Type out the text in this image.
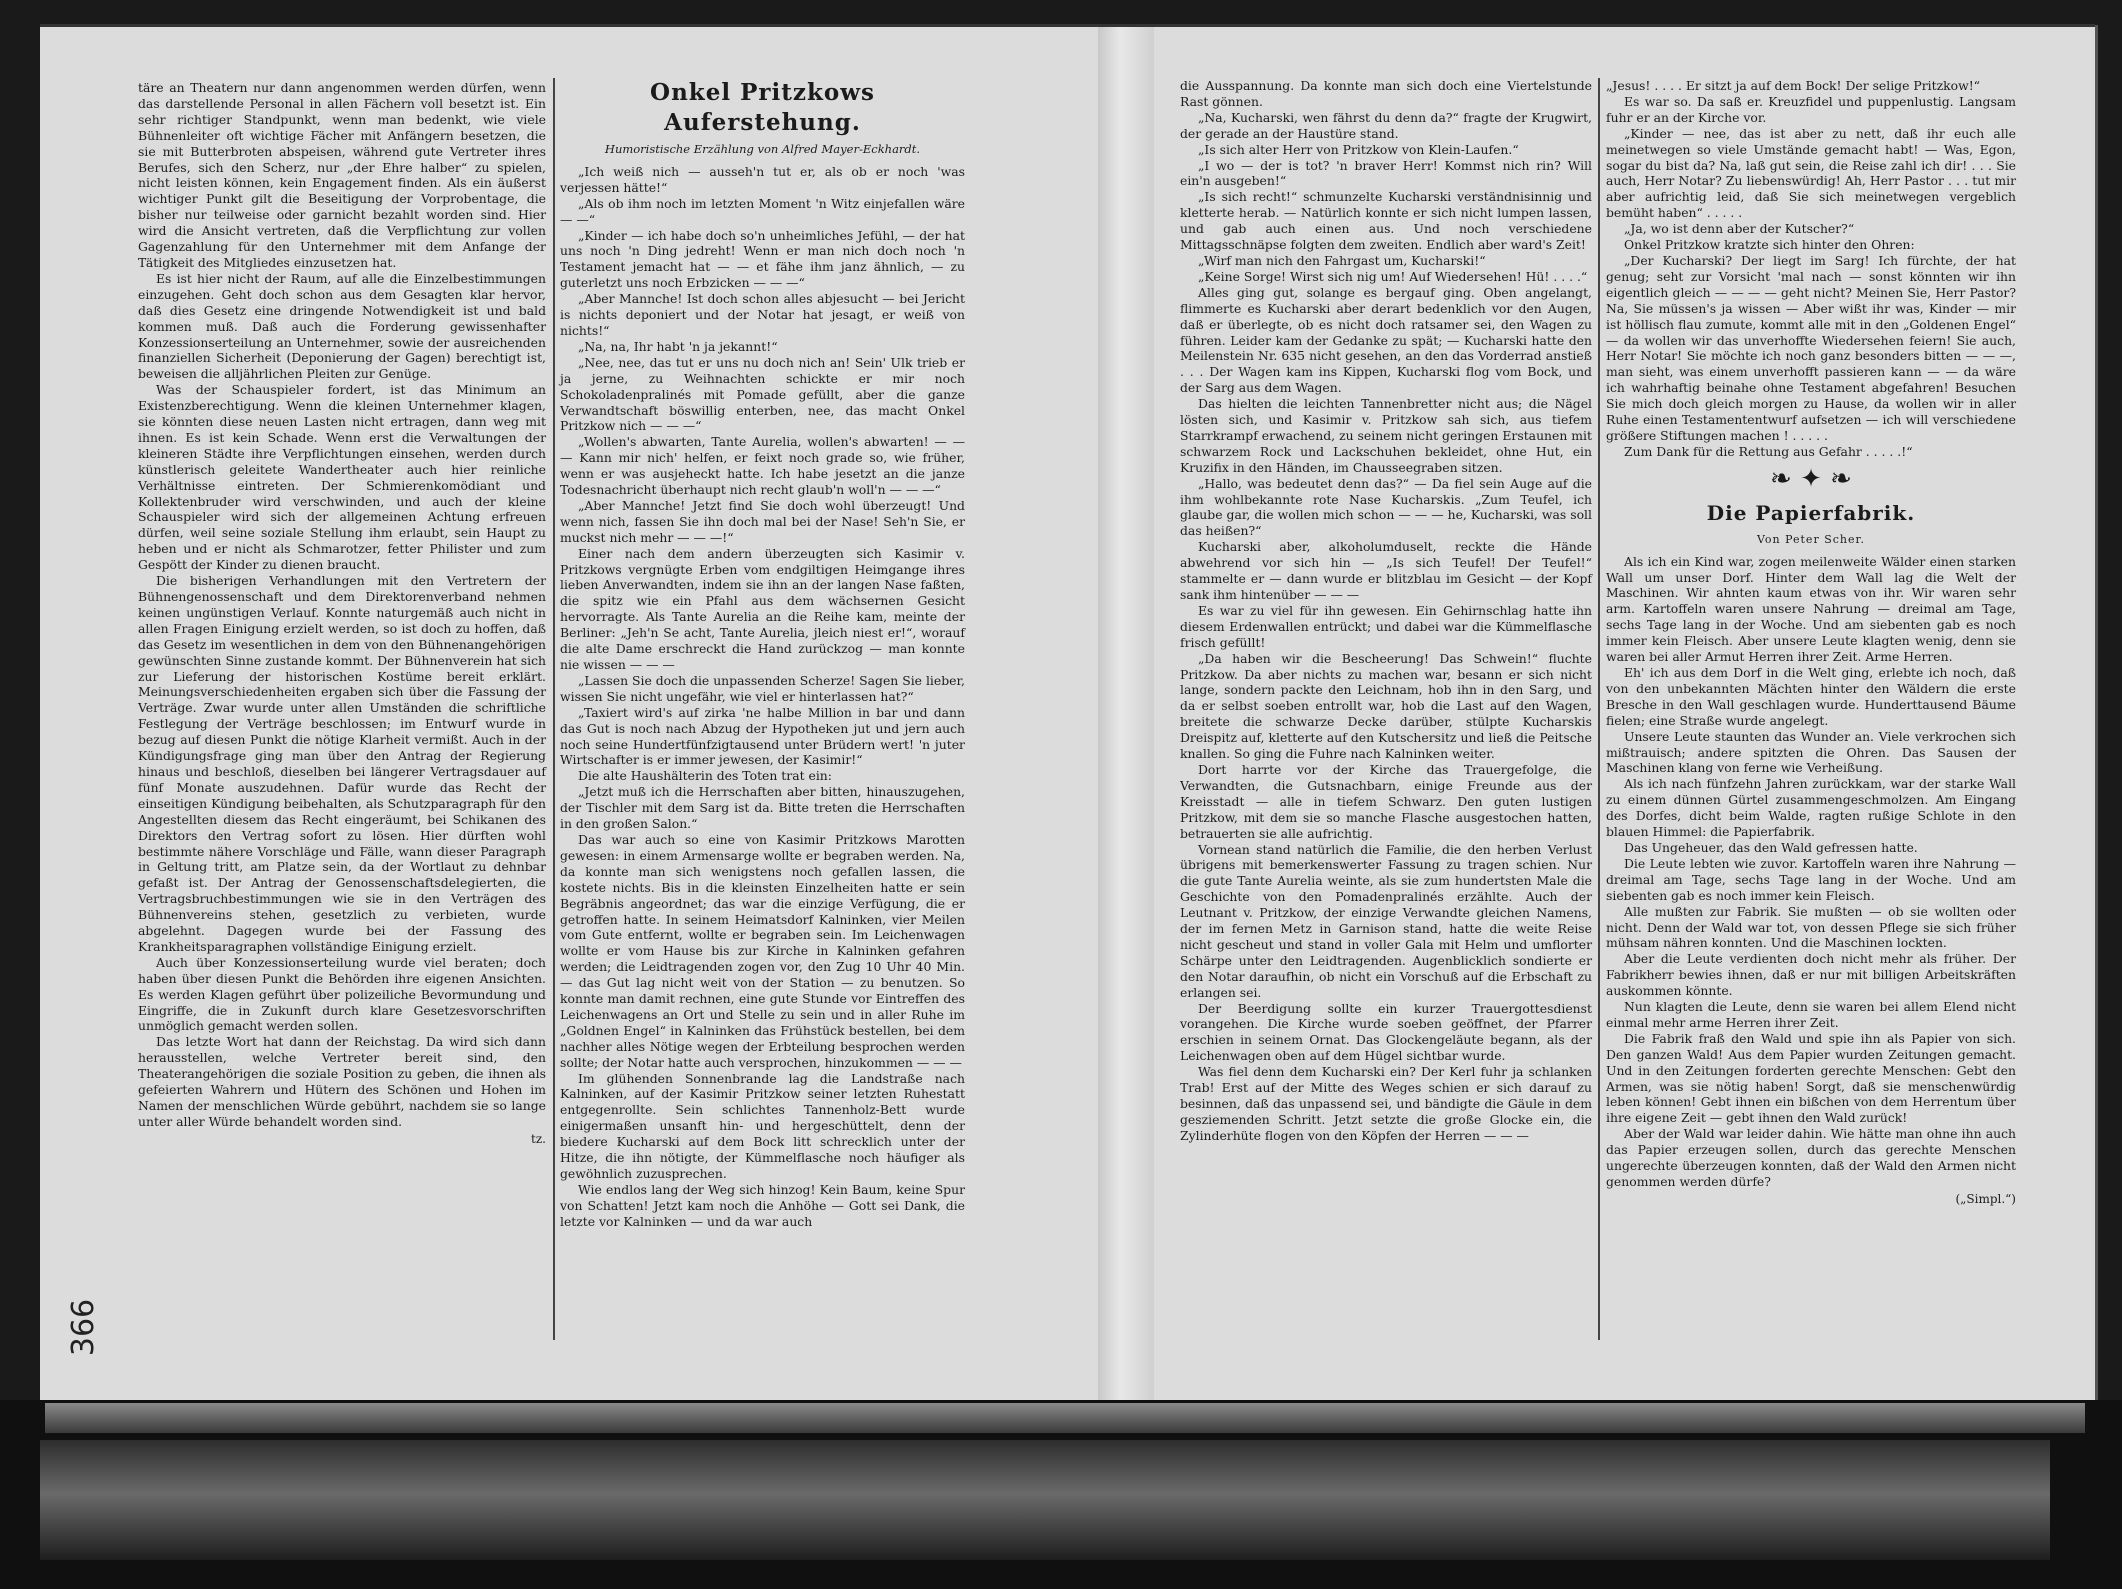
täre an Theatern nur dann angenommen werden dürfen, wenn das darstellende Personal in allen Fächern voll besetzt ist. Ein sehr richtiger Standpunkt, wenn man bedenkt, wie viele Bühnenleiter oft wichtige Fächer mit Anfängern besetzen, die sie mit Butterbroten abspeisen, während gute Vertreter ihres Berufes, sich den Scherz, nur „der Ehre halber“ zu spielen, nicht leisten können, kein Engagement finden. Als ein äußerst wichtiger Punkt gilt die Beseitigung der Vorprobentage, die bisher nur teilweise oder garnicht bezahlt worden sind. Hier wird die Ansicht vertreten, daß die Verpflichtung zur vollen Gagenzahlung für den Unternehmer mit dem Anfange der Tätigkeit des Mitgliedes einzusetzen hat.

Es ist hier nicht der Raum, auf alle die Einzelbestimmungen einzugehen. Geht doch schon aus dem Gesagten klar hervor, daß dies Gesetz eine dringende Notwendigkeit ist und bald kommen muß. Daß auch die Forderung gewissenhafter Konzessionserteilung an Unternehmer, sowie der ausreichenden finanziellen Sicherheit (Deponierung der Gagen) berechtigt ist, beweisen die alljährlichen Pleiten zur Genüge.

Was der Schauspieler fordert, ist das Minimum an Existenzberechtigung. Wenn die kleinen Unternehmer klagen, sie könnten diese neuen Lasten nicht ertragen, dann weg mit ihnen. Es ist kein Schade. Wenn erst die Verwaltungen der kleineren Städte ihre Verpflichtungen einsehen, werden durch künstlerisch geleitete Wandertheater auch hier reinliche Verhältnisse eintreten. Der Schmierenkomödiant und Kollektenbruder wird verschwinden, und auch der kleine Schauspieler wird sich der allgemeinen Achtung erfreuen dürfen, weil seine soziale Stellung ihm erlaubt, sein Haupt zu heben und er nicht als Schmarotzer, fetter Philister und zum Gespött der Kinder zu dienen braucht.

Die bisherigen Verhandlungen mit den Vertretern der Bühnengenossenschaft und dem Direktorenverband nehmen keinen ungünstigen Verlauf. Konnte naturgemäß auch nicht in allen Fragen Einigung erzielt werden, so ist doch zu hoffen, daß das Gesetz im wesentlichen in dem von den Bühnenangehörigen gewünschten Sinne zustande kommt. Der Bühnenverein hat sich zur Lieferung der historischen Kostüme bereit erklärt. Meinungsverschiedenheiten ergaben sich über die Fassung der Verträge. Zwar wurde unter allen Umständen die schriftliche Festlegung der Verträge beschlossen; im Entwurf wurde in bezug auf diesen Punkt die nötige Klarheit vermißt. Auch in der Kündigungsfrage ging man über den Antrag der Regierung hinaus und beschloß, dieselben bei längerer Vertragsdauer auf fünf Monate auszudehnen. Dafür wurde das Recht der einseitigen Kündigung beibehalten, als Schutzparagraph für den Angestellten diesem das Recht eingeräumt, bei Schikanen des Direktors den Vertrag sofort zu lösen. Hier dürften wohl bestimmte nähere Vorschläge und Fälle, wann dieser Paragraph in Geltung tritt, am Platze sein, da der Wortlaut zu dehnbar gefaßt ist. Der Antrag der Genossenschaftsdelegierten, die Vertragsbruchbestimmungen wie sie in den Verträgen des Bühnenvereins stehen, gesetzlich zu verbieten, wurde abgelehnt. Dagegen wurde bei der Fassung des Krankheitsparagraphen vollständige Einigung erzielt.

Auch über Konzessionserteilung wurde viel beraten; doch haben über diesen Punkt die Behörden ihre eigenen Ansichten. Es werden Klagen geführt über polizeiliche Bevormundung und Eingriffe, die in Zukunft durch klare Gesetzesvorschriften unmöglich gemacht werden sollen.

Das letzte Wort hat dann der Reichstag. Da wird sich dann herausstellen, welche Vertreter bereit sind, den Theaterangehörigen die soziale Position zu geben, die ihnen als gefeierten Wahrern und Hütern des Schönen und Hohen im Namen der menschlichen Würde gebührt, nachdem sie so lange unter aller Würde behandelt worden sind.

tz.
Onkel Pritzkows Auferstehung.
Humoristische Erzählung von Alfred Mayer-Eckhardt.

„Ich weiß nich — ausseh'n tut er, als ob er noch 'was verjessen hätte!“

„Als ob ihm noch im letzten Moment 'n Witz einjefallen wäre — —“

„Kinder — ich habe doch so'n unheimliches Jefühl, — der hat uns noch 'n Ding jedreht! Wenn er man nich doch noch 'n Testament jemacht hat — — et fähe ihm janz ähnlich, — zu guterletzt uns noch Erbzicken — — —“

„Aber Mannche! Ist doch schon alles abjesucht — bei Jericht is nichts deponiert und der Notar hat jesagt, er weiß von nichts!“

„Na, na, Ihr habt 'n ja jekannt!“

„Nee, nee, das tut er uns nu doch nich an! Sein' Ulk trieb er ja jerne, zu Weihnachten schickte er mir noch Schokoladenpralinés mit Pomade gefüllt, aber die ganze Verwandtschaft böswillig enterben, nee, das macht Onkel Pritzkow nich — — —“

„Wollen's abwarten, Tante Aurelia, wollen's abwarten! — — — Kann mir nich' helfen, er feixt noch grade so, wie früher, wenn er was ausjeheckt hatte. Ich habe jesetzt an die janze Todesnachricht überhaupt nich recht glaub'n woll'n — — —“

„Aber Mannche! Jetzt find Sie doch wohl überzeugt! Und wenn nich, fassen Sie ihn doch mal bei der Nase! Seh'n Sie, er muckst nich mehr — — —!“

Einer nach dem andern überzeugten sich Kasimir v. Pritzkows vergnügte Erben vom endgiltigen Heimgange ihres lieben Anverwandten, indem sie ihn an der langen Nase faßten, die spitz wie ein Pfahl aus dem wächsernen Gesicht hervorragte. Als Tante Aurelia an die Reihe kam, meinte der Berliner: „Jeh'n Se acht, Tante Aurelia, jleich niest er!“, worauf die alte Dame erschreckt die Hand zurückzog — man konnte nie wissen — — —

„Lassen Sie doch die unpassenden Scherze! Sagen Sie lieber, wissen Sie nicht ungefähr, wie viel er hinterlassen hat?“

„Taxiert wird's auf zirka 'ne halbe Million in bar und dann das Gut is noch nach Abzug der Hypotheken jut und jern auch noch seine Hundertfünfzigtausend unter Brüdern wert! 'n juter Wirtschafter is er immer jewesen, der Kasimir!“

Die alte Haushälterin des Toten trat ein:

„Jetzt muß ich die Herrschaften aber bitten, hinauszugehen, der Tischler mit dem Sarg ist da. Bitte treten die Herrschaften in den großen Salon.“

Das war auch so eine von Kasimir Pritzkows Marotten gewesen: in einem Armensarge wollte er begraben werden. Na, da konnte man sich wenigstens noch gefallen lassen, die kostete nichts. Bis in die kleinsten Einzelheiten hatte er sein Begräbnis angeordnet; das war die einzige Verfügung, die er getroffen hatte. In seinem Heimatsdorf Kalninken, vier Meilen vom Gute entfernt, wollte er begraben sein. Im Leichenwagen wollte er vom Hause bis zur Kirche in Kalninken gefahren werden; die Leidtragenden zogen vor, den Zug 10 Uhr 40 Min. — das Gut lag nicht weit von der Station — zu benutzen. So konnte man damit rechnen, eine gute Stunde vor Eintreffen des Leichenwagens an Ort und Stelle zu sein und in aller Ruhe im „Goldnen Engel“ in Kalninken das Frühstück bestellen, bei dem nachher alles Nötige wegen der Erbteilung besprochen werden sollte; der Notar hatte auch versprochen, hinzukommen — — —

Im glühenden Sonnenbrande lag die Landstraße nach Kalninken, auf der Kasimir Pritzkow seiner letzten Ruhestatt entgegenrollte. Sein schlichtes Tannenholz-Bett wurde einigermaßen unsanft hin- und hergeschüttelt, denn der biedere Kucharski auf dem Bock litt schrecklich unter der Hitze, die ihn nötigte, der Kümmelflasche noch häufiger als gewöhnlich zuzusprechen.

Wie endlos lang der Weg sich hinzog! Kein Baum, keine Spur von Schatten! Jetzt kam noch die Anhöhe — Gott sei Dank, die letzte vor Kalninken — und da war auch

die Ausspannung. Da konnte man sich doch eine Viertelstunde Rast gönnen.

„Na, Kucharski, wen fährst du denn da?“ fragte der Krugwirt, der gerade an der Haustüre stand.

„Is sich alter Herr von Pritzkow von Klein-Laufen.“

„I wo — der is tot? 'n braver Herr! Kommst nich rin? Will ein'n ausgeben!“

„Is sich recht!“ schmunzelte Kucharski verständnisinnig und kletterte herab. — Natürlich konnte er sich nicht lumpen lassen, und gab auch einen aus. Und noch verschiedene Mittagsschnäpse folgten dem zweiten. Endlich aber ward's Zeit!

„Wirf man nich den Fahrgast um, Kucharski!“

„Keine Sorge! Wirst sich nig um! Auf Wiedersehen! Hü! . . . .“

Alles ging gut, solange es bergauf ging. Oben angelangt, flimmerte es Kucharski aber derart bedenklich vor den Augen, daß er überlegte, ob es nicht doch ratsamer sei, den Wagen zu führen. Leider kam der Gedanke zu spät; — Kucharski hatte den Meilenstein Nr. 635 nicht gesehen, an den das Vorderrad anstieß . . . Der Wagen kam ins Kippen, Kucharski flog vom Bock, und der Sarg aus dem Wagen.

Das hielten die leichten Tannenbretter nicht aus; die Nägel lösten sich, und Kasimir v. Pritzkow sah sich, aus tiefem Starrkrampf erwachend, zu seinem nicht geringen Erstaunen mit schwarzem Rock und Lackschuhen bekleidet, ohne Hut, ein Kruzifix in den Händen, im Chausseegraben sitzen.

„Hallo, was bedeutet denn das?“ — Da fiel sein Auge auf die ihm wohlbekannte rote Nase Kucharskis. „Zum Teufel, ich glaube gar, die wollen mich schon — — — he, Kucharski, was soll das heißen?“

Kucharski aber, alkoholumduselt, reckte die Hände abwehrend vor sich hin — „Is sich Teufel! Der Teufel!“ stammelte er — dann wurde er blitzblau im Gesicht — der Kopf sank ihm hintenüber — — —

Es war zu viel für ihn gewesen. Ein Gehirnschlag hatte ihn diesem Erdenwallen entrückt; und dabei war die Kümmelflasche frisch gefüllt!

„Da haben wir die Bescheerung! Das Schwein!“ fluchte Pritzkow. Da aber nichts zu machen war, besann er sich nicht lange, sondern packte den Leichnam, hob ihn in den Sarg, und da er selbst soeben entrollt war, hob die Last auf den Wagen, breitete die schwarze Decke darüber, stülpte Kucharskis Dreispitz auf, kletterte auf den Kutschersitz und ließ die Peitsche knallen. So ging die Fuhre nach Kalninken weiter.

Dort harrte vor der Kirche das Trauergefolge, die Verwandten, die Gutsnachbarn, einige Freunde aus der Kreisstadt — alle in tiefem Schwarz. Den guten lustigen Pritzkow, mit dem sie so manche Flasche ausgestochen hatten, betrauerten sie alle aufrichtig.

Vornean stand natürlich die Familie, die den herben Verlust übrigens mit bemerkenswerter Fassung zu tragen schien. Nur die gute Tante Aurelia weinte, als sie zum hundertsten Male die Geschichte von den Pomadenpralinés erzählte. Auch der Leutnant v. Pritzkow, der einzige Verwandte gleichen Namens, der im fernen Metz in Garnison stand, hatte die weite Reise nicht gescheut und stand in voller Gala mit Helm und umflorter Schärpe unter den Leidtragenden. Augenblicklich sondierte er den Notar daraufhin, ob nicht ein Vorschuß auf die Erbschaft zu erlangen sei.

Der Beerdigung sollte ein kurzer Trauergottesdienst vorangehen. Die Kirche wurde soeben geöffnet, der Pfarrer erschien in seinem Ornat. Das Glockengeläute begann, als der Leichenwagen oben auf dem Hügel sichtbar wurde.

Was fiel denn dem Kucharski ein? Der Kerl fuhr ja schlanken Trab! Erst auf der Mitte des Weges schien er sich darauf zu besinnen, daß das unpassend sei, und bändigte die Gäule in dem gesziemenden Schritt. Jetzt setzte die große Glocke ein, die Zylinderhüte flogen von den Köpfen der Herren — — —

„Jesus! . . . . Er sitzt ja auf dem Bock! Der selige Pritzkow!“

Es war so. Da saß er. Kreuzfidel und puppenlustig. Langsam fuhr er an der Kirche vor.

„Kinder — nee, das ist aber zu nett, daß ihr euch alle meinetwegen so viele Umstände gemacht habt! — Was, Egon, sogar du bist da? Na, laß gut sein, die Reise zahl ich dir! . . . Sie auch, Herr Notar? Zu liebenswürdig! Ah, Herr Pastor . . . tut mir aber aufrichtig leid, daß Sie sich meinetwegen vergeblich bemüht haben“ . . . . .

„Ja, wo ist denn aber der Kutscher?“

Onkel Pritzkow kratzte sich hinter den Ohren:

„Der Kucharski? Der liegt im Sarg! Ich fürchte, der hat genug; seht zur Vorsicht 'mal nach — sonst könnten wir ihn eigentlich gleich — — — — geht nicht? Meinen Sie, Herr Pastor? Na, Sie müssen's ja wissen — Aber wißt ihr was, Kinder — mir ist höllisch flau zumute, kommt alle mit in den „Goldenen Engel“ — da wollen wir das unverhoffte Wiedersehen feiern! Sie auch, Herr Notar! Sie möchte ich noch ganz besonders bitten — — —, man sieht, was einem unverhofft passieren kann — — da wäre ich wahrhaftig beinahe ohne Testament abgefahren! Besuchen Sie mich doch gleich morgen zu Hause, da wollen wir in aller Ruhe einen Testamententwurf aufsetzen — ich will verschiedene größere Stiftungen machen ! . . . . .

Zum Dank für die Rettung aus Gefahr . . . . .!“

❧ ✦ ❧
Die Papierfabrik.
Von Peter Scher.

Als ich ein Kind war, zogen meilenweite Wälder einen starken Wall um unser Dorf. Hinter dem Wall lag die Welt der Maschinen. Wir ahnten kaum etwas von ihr. Wir waren sehr arm. Kartoffeln waren unsere Nahrung — dreimal am Tage, sechs Tage lang in der Woche. Und am siebenten gab es noch immer kein Fleisch. Aber unsere Leute klagten wenig, denn sie waren bei aller Armut Herren ihrer Zeit. Arme Herren.

Eh' ich aus dem Dorf in die Welt ging, erlebte ich noch, daß von den unbekannten Mächten hinter den Wäldern die erste Bresche in den Wall geschlagen wurde. Hunderttausend Bäume fielen; eine Straße wurde angelegt.

Unsere Leute staunten das Wunder an. Viele verkrochen sich mißtrauisch; andere spitzten die Ohren. Das Sausen der Maschinen klang von ferne wie Verheißung.

Als ich nach fünfzehn Jahren zurückkam, war der starke Wall zu einem dünnen Gürtel zusammengeschmolzen. Am Eingang des Dorfes, dicht beim Walde, ragten rußige Schlote in den blauen Himmel: die Papierfabrik.

Das Ungeheuer, das den Wald gefressen hatte.

Die Leute lebten wie zuvor. Kartoffeln waren ihre Nahrung — dreimal am Tage, sechs Tage lang in der Woche. Und am siebenten gab es noch immer kein Fleisch.

Alle mußten zur Fabrik. Sie mußten — ob sie wollten oder nicht. Denn der Wald war tot, von dessen Pflege sie sich früher mühsam nähren konnten. Und die Maschinen lockten.

Aber die Leute verdienten doch nicht mehr als früher. Der Fabrikherr bewies ihnen, daß er nur mit billigen Arbeitskräften auskommen könnte.

Nun klagten die Leute, denn sie waren bei allem Elend nicht einmal mehr arme Herren ihrer Zeit.

Die Fabrik fraß den Wald und spie ihn als Papier von sich. Den ganzen Wald! Aus dem Papier wurden Zeitungen gemacht. Und in den Zeitungen forderten gerechte Menschen: Gebt den Armen, was sie nötig haben! Sorgt, daß sie menschenwürdig leben können! Gebt ihnen ein bißchen von dem Herrentum über ihre eigene Zeit — gebt ihnen den Wald zurück!

Aber der Wald war leider dahin. Wie hätte man ohne ihn auch das Papier erzeugen sollen, durch das gerechte Menschen ungerechte überzeugen konnten, daß der Wald den Armen nicht genommen werden dürfe?

(„Simpl.“)
366
